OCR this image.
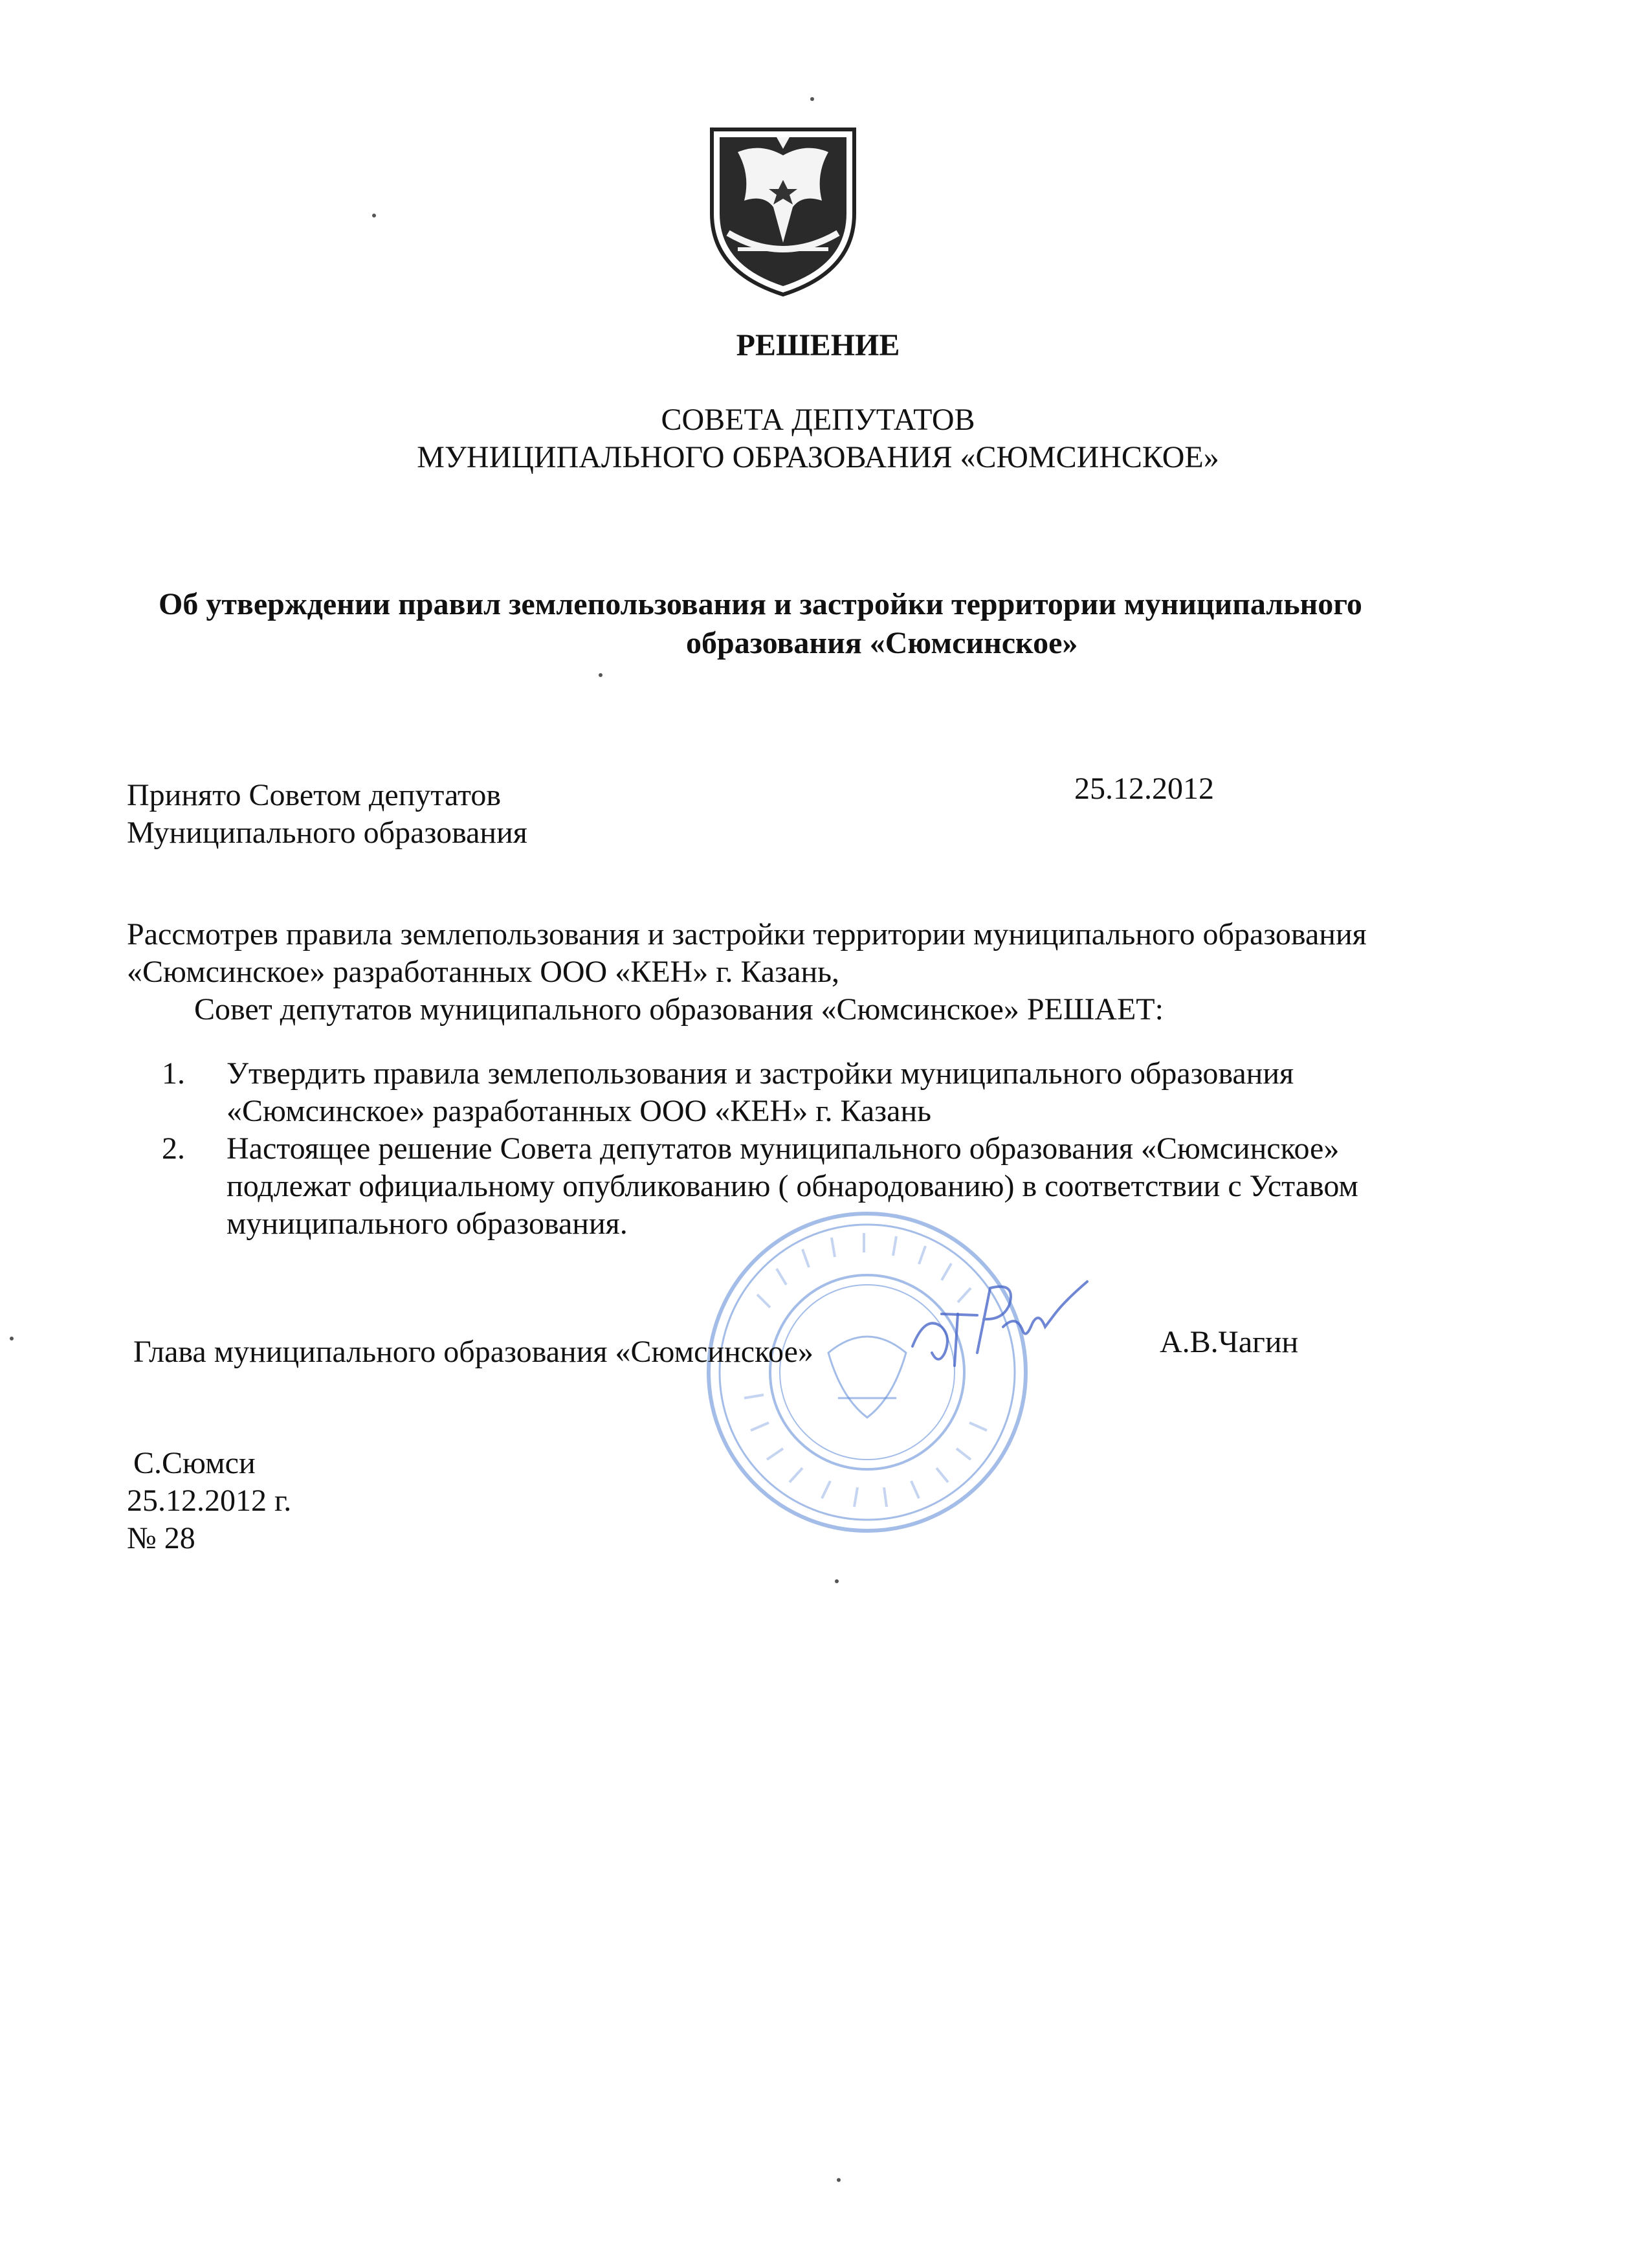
РЕШЕНИЕ
СОВЕТА ДЕПУТАТОВ
МУНИЦИПАЛЬНОГО ОБРАЗОВАНИЯ «СЮМСИНСКОЕ»
Об утверждении правил землепользования и застройки территории муниципального
образования «Сюмсинское»
Принято Советом депутатов
Муниципального образования
25.12.2012
Рассмотрев правила землепользования и застройки территории муниципального образования
«Сюмсинское» разработанных ООО «КЕН» г. Казань,
Совет депутатов муниципального образования «Сюмсинское» РЕШАЕТ:
1. Утвердить правила землепользования и застройки муниципального образования
«Сюмсинское» разработанных ООО «КЕН» г. Казань
2. Настоящее решение Совета депутатов муниципального образования «Сюмсинское»
подлежат официальному опубликованию ( обнародованию) в соответствии с Уставом
муниципального образования.
Глава муниципального образования «Сюмсинское»	А.В.Чагин
С.Сюмси
25.12.2012 г.
№ 28
